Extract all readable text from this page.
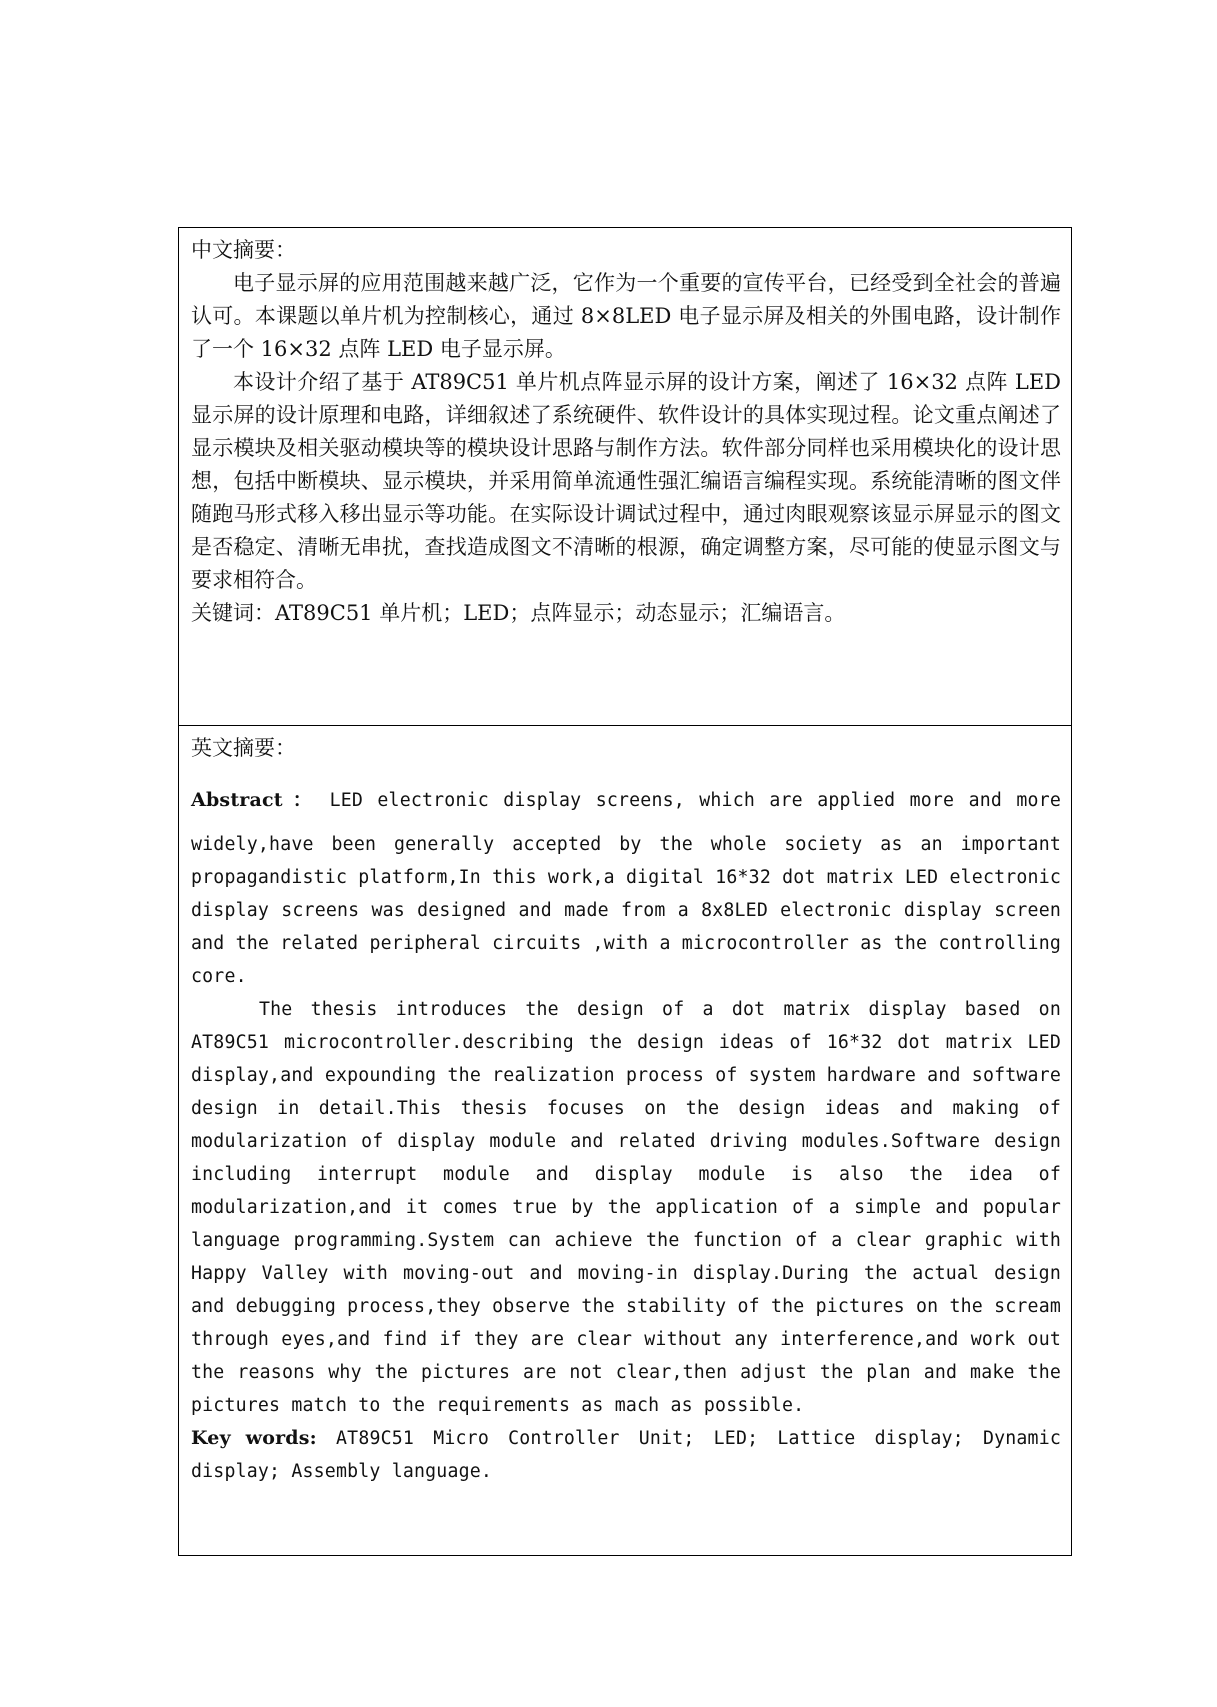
中文摘要：

电子显示屏的应用范围越来越广泛，它作为一个重要的宣传平台，已经受到全社会的普遍认可。本课题以单片机为控制核心，通过 8×8LED 电子显示屏及相关的外围电路，设计制作了一个 16×32 点阵 LED 电子显示屏。

本设计介绍了基于 AT89C51 单片机点阵显示屏的设计方案，阐述了 16×32 点阵 LED 显示屏的设计原理和电路，详细叙述了系统硬件、软件设计的具体实现过程。论文重点阐述了显示模块及相关驱动模块等的模块设计思路与制作方法。软件部分同样也采用模块化的设计思想，包括中断模块、显示模块，并采用简单流通性强汇编语言编程实现。系统能清晰的图文伴随跑马形式移入移出显示等功能。在实际设计调试过程中，通过肉眼观察该显示屏显示的图文是否稳定、清晰无串扰，查找造成图文不清晰的根源，确定调整方案，尽可能的使显示图文与要求相符合。

关键词：AT89C51 单片机；LED；点阵显示；动态显示；汇编语言。

英文摘要：

Abstract ： LED electronic display screens, which are applied more and more

widely,have been generally accepted by the whole society as an important propagandistic platform,In this work,a digital 16*32 dot matrix LED electronic display screens was designed and made from a 8x8LED electronic display screen and the related peripheral circuits ,with a microcontroller as the controlling core.

The thesis introduces the design of a dot matrix display based on AT89C51 microcontroller.describing the design ideas of 16*32 dot matrix LED display,and expounding the realization process of system hardware and software design in detail.This thesis focuses on the design ideas and making of modularization of display module and related driving modules.Software design including interrupt module and display module is also the idea of modularization,and it comes true by the application of a simple and popular language programming.System can achieve the function of a clear graphic with Happy Valley with moving-out and moving-in display.During the actual design and debugging process,they observe the stability of the pictures on the scream through eyes,and find if they are clear without any interference,and work out the reasons why the pictures are not clear,then adjust the plan and make the pictures match to the requirements as mach as possible.

Key words: AT89C51 Micro Controller Unit; LED; Lattice display; Dynamic display; Assembly language.
